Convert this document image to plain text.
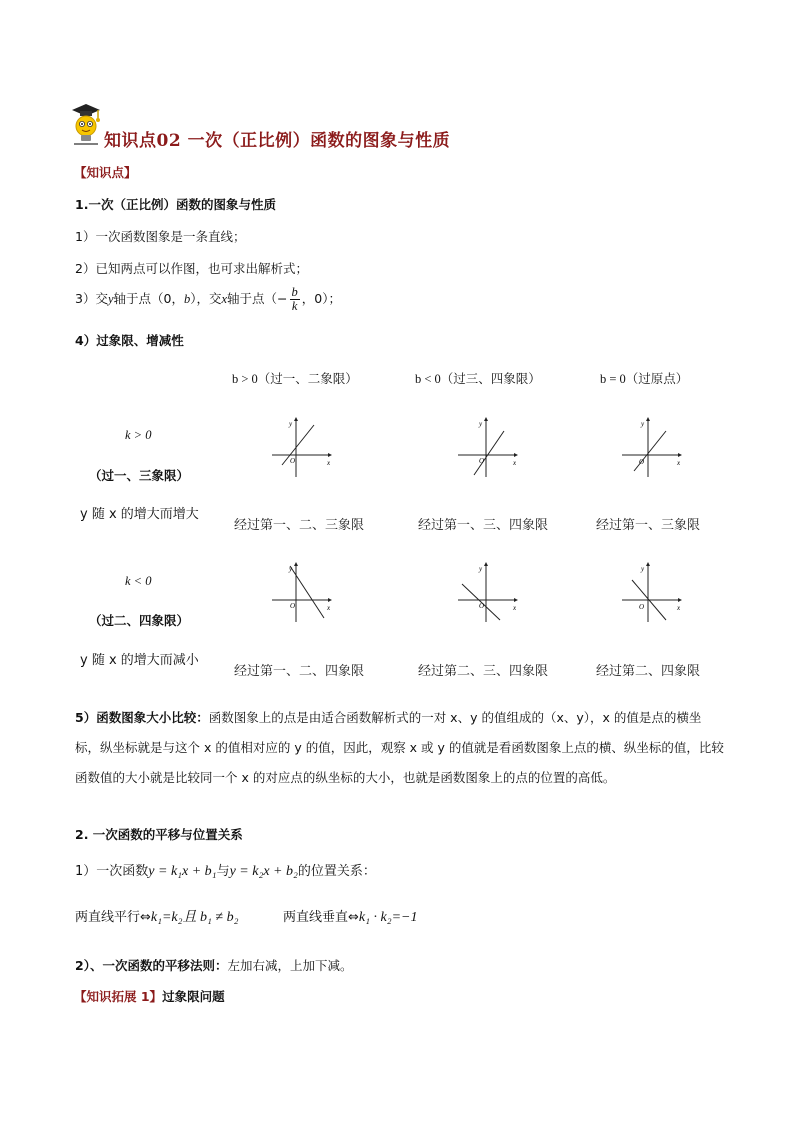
知识点02 一次（正比例）函数的图象与性质
【知识点】
1.一次（正比例）函数的图象与性质
1）一次函数图象是一条直线；
2）已知两点可以作图，也可求出解析式；
3）交y轴于点（0，b），交x轴于点（− $\frac{b}{k}$ ，0）；
4）过象限、增减性
b > 0（过一、二象限）	b < 0（过三、四象限）	b = 0（过原点）
k > 0
（过一、三象限）
y 随 x 的增大而增大
k < 0
（过二、四象限）
y 随 x 的增大而减小
y
x
O
y
x
O
y
x
O
y
x
O
y
x
O
y
x
O
经过第一、二、三象限	经过第一、三、四象限	经过第一、三象限
经过第一、二、四象限	经过第二、三、四象限	经过第二、四象限
5）函数图象大小比较：函数图象上的点是由适合函数解析式的一对 x、y 的值组成的（x、y），x 的值是点的横坐标，纵坐标就是与这个 x 的值相对应的 y 的值，因此，观察 x 或 y 的值就是看函数图象上点的横、纵坐标的值，比较函数值的大小就是比较同一个 x 的对应点的纵坐标的大小，也就是函数图象上的点的位置的高低。
2. 一次函数的平移与位置关系
1）一次函数y = k₁x + b₁与y = k₂x + b₂的位置关系：
两直线平行⇔k₁=k₂且 b₁ ≠ b₂	两直线垂直⇔k₁ · k₂=−1
2）、一次函数的平移法则：左加右减，上加下减。
【知识拓展 1】过象限问题
